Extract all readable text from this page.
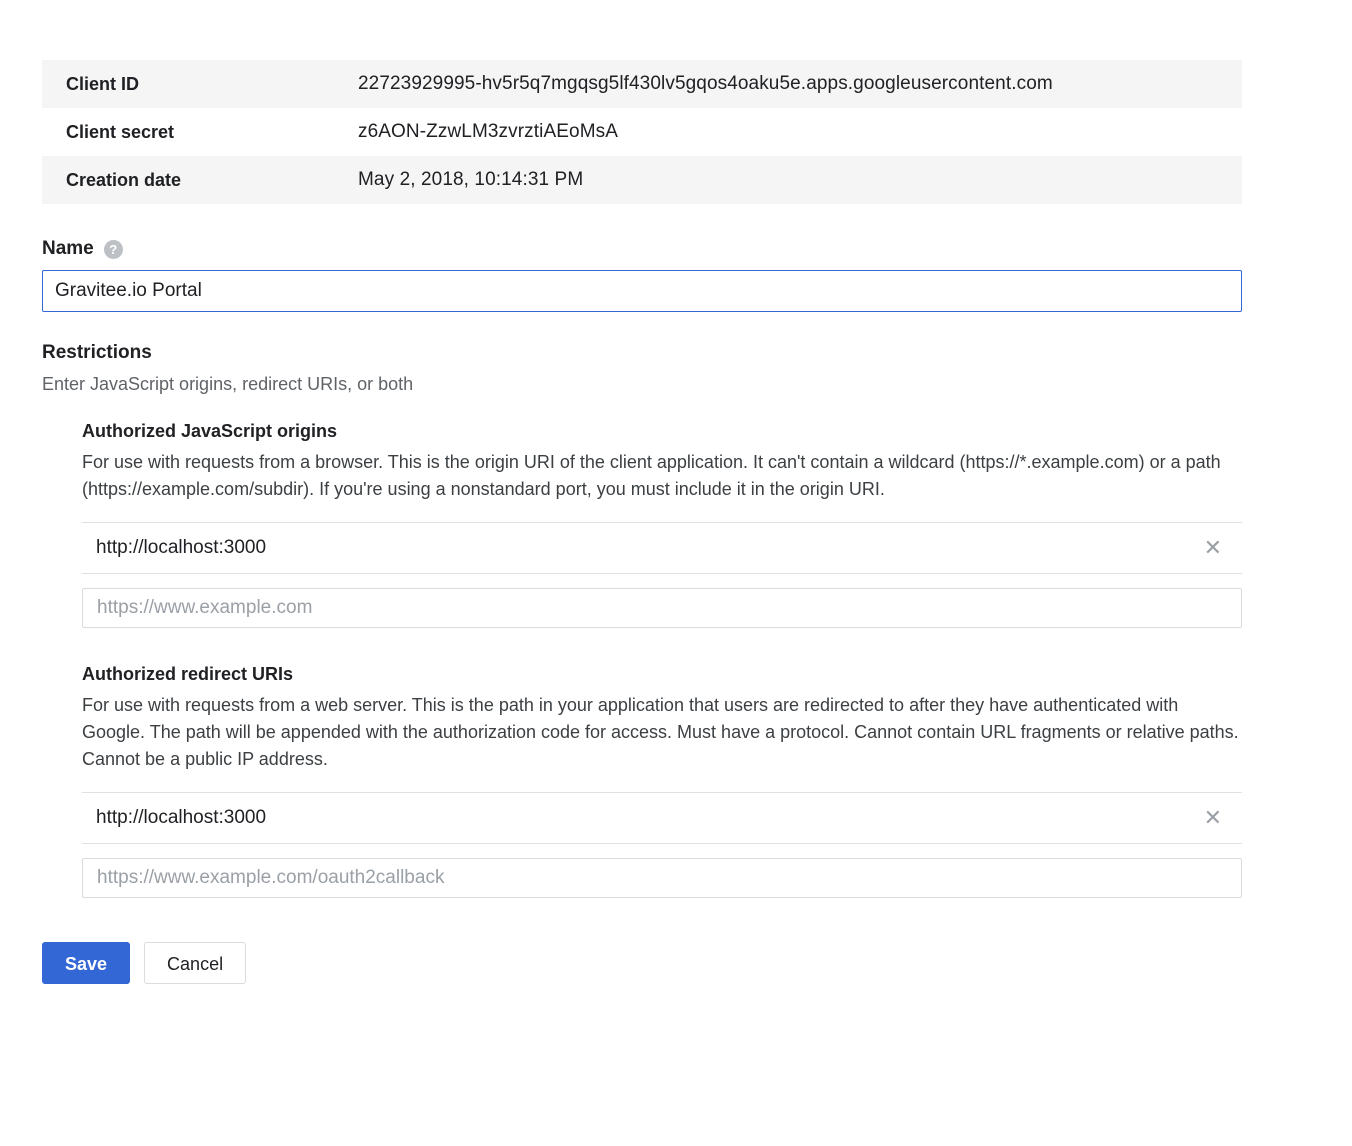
Client ID	22723929995-hv5r5q7mgqsg5lf430lv5gqos4oaku5e.apps.googleusercontent.com
Client secret	z6AON-ZzwLM3zvrztiAEoMsA
Creation date	May 2, 2018, 10:14:31 PM
Name	?
Gravitee.io Portal
Restrictions
Enter JavaScript origins, redirect URIs, or both
Authorized JavaScript origins
For use with requests from a browser. This is the origin URI of the client application. It can't contain a wildcard (https://*.example.com) or a path (https://example.com/subdir). If you're using a nonstandard port, you must include it in the origin URI.
http://localhost:3000	✕
https://www.example.com
Authorized redirect URIs
For use with requests from a web server. This is the path in your application that users are redirected to after they have authenticated with Google. The path will be appended with the authorization code for access. Must have a protocol. Cannot contain URL fragments or relative paths. Cannot be a public IP address.
http://localhost:3000	✕
https://www.example.com/oauth2callback
Save	Cancel
